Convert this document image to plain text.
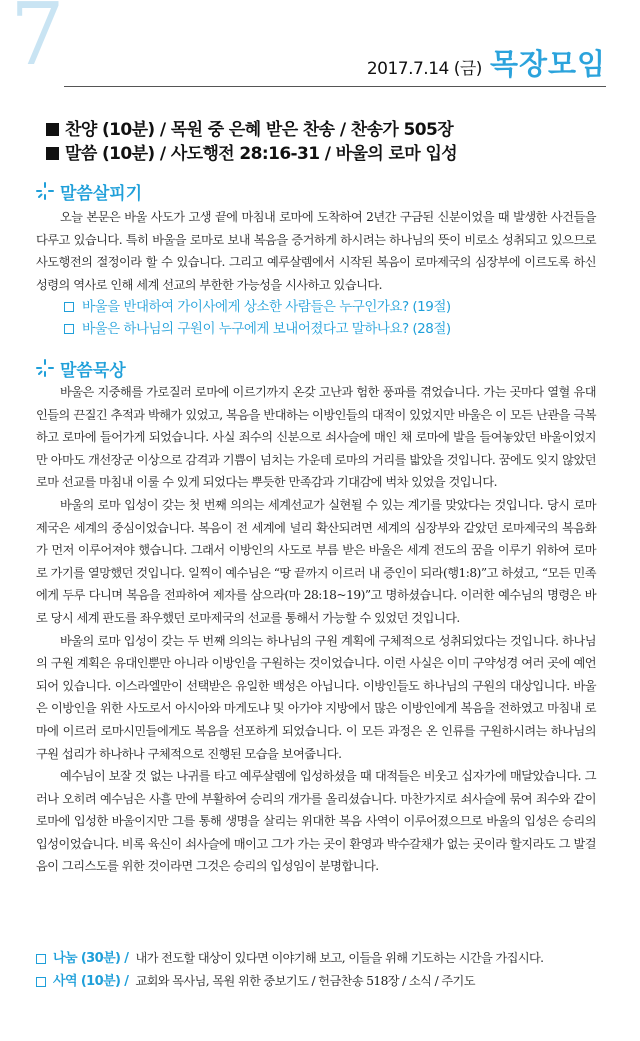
7	2017.7.14 (금) 목장모임
찬양 (10분) / 목원 중 은혜 받은 찬송 / 찬송가 505장
말씀 (10분) / 사도행전 28:16-31 / 바울의 로마 입성
말씀살피기

오늘 본문은 바울 사도가 고생 끝에 마침내 로마에 도착하여 2년간 구금된 신분이었을 때 발생한 사건들을 다루고 있습니다. 특히 바울을 로마로 보내 복음을 증거하게 하시려는 하나님의 뜻이 비로소 성취되고 있으므로 사도행전의 절정이라 할 수 있습니다. 그리고 예루살렘에서 시작된 복음이 로마제국의 심장부에 이르도록 하신 성령의 역사로 인해 세계 선교의 부한한 가능성을 시사하고 있습니다.

바울을 반대하여 가이사에게 상소한 사람들은 누구인가요? (19절)
바울은 하나님의 구원이 누구에게 보내어졌다고 말하나요? (28절)
말씀묵상

바울은 지중해를 가로질러 로마에 이르기까지 온갖 고난과 험한 풍파를 겪었습니다. 가는 곳마다 열혈 유대인들의 끈질긴 추적과 박해가 있었고, 복음을 반대하는 이방인들의 대적이 있었지만 바울은 이 모든 난관을 극복하고 로마에 들어가게 되었습니다. 사실 죄수의 신분으로 쇠사슬에 매인 채 로마에 발을 들여놓았던 바울이었지만 아마도 개선장군 이상으로 감격과 기쁨이 넘치는 가운데 로마의 거리를 밟았을 것입니다. 꿈에도 잊지 않았던 로마 선교를 마침내 이룰 수 있게 되었다는 뿌듯한 만족감과 기대감에 벅차 있었을 것입니다.

바울의 로마 입성이 갖는 첫 번째 의의는 세계선교가 실현될 수 있는 계기를 맞았다는 것입니다. 당시 로마제국은 세계의 중심이었습니다. 복음이 전 세계에 널리 확산되려면 세계의 심장부와 같았던 로마제국의 복음화가 먼저 이루어져야 했습니다. 그래서 이방인의 사도로 부름 받은 바울은 세계 전도의 꿈을 이루기 위하여 로마로 가기를 열망했던 것입니다. 일찍이 예수님은 “땅 끝까지 이르러 내 증인이 되라(행1:8)”고 하셨고, “모든 민족에게 두루 다니며 복음을 전파하여 제자를 삼으라(마 28:18~19)”고 명하셨습니다. 이러한 예수님의 명령은 바로 당시 세계 판도를 좌우했던 로마제국의 선교를 통해서 가능할 수 있었던 것입니다.

바울의 로마 입성이 갖는 두 번째 의의는 하나님의 구원 계획에 구체적으로 성취되었다는 것입니다. 하나님의 구원 계획은 유대인뿐만 아니라 이방인을 구원하는 것이었습니다. 이런 사실은 이미 구약성경 여러 곳에 예언되어 있습니다. 이스라엘만이 선택받은 유일한 백성은 아닙니다. 이방인들도 하나님의 구원의 대상입니다. 바울은 이방인을 위한 사도로서 아시아와 마게도냐 및 아가야 지방에서 많은 이방인에게 복음을 전하였고 마침내 로마에 이르러 로마시민들에게도 복음을 선포하게 되었습니다. 이 모든 과정은 온 인류를 구원하시려는 하나님의 구원 섭리가 하나하나 구체적으로 진행된 모습을 보여줍니다.

예수님이 보잘 것 없는 나귀를 타고 예루살렘에 입성하셨을 때 대적들은 비웃고 십자가에 매달았습니다. 그러나 오히려 예수님은 사흘 만에 부활하여 승리의 개가를 올리셨습니다. 마찬가지로 쇠사슬에 묶여 죄수와 같이 로마에 입성한 바울이지만 그를 통해 생명을 살리는 위대한 복음 사역이 이루어졌으므로 바울의 입성은 승리의 입성이었습니다. 비록 육신이 쇠사슬에 매이고 그가 가는 곳이 환영과 박수갈채가 없는 곳이라 할지라도 그 발걸음이 그리스도를 위한 것이라면 그것은 승리의 입성임이 분명합니다.

나눔 (30분) / 내가 전도할 대상이 있다면 이야기해 보고, 이들을 위해 기도하는 시간을 가집시다.
사역 (10분) / 교회와 목사님, 목원 위한 중보기도 / 헌금찬송 518장 / 소식 / 주기도
